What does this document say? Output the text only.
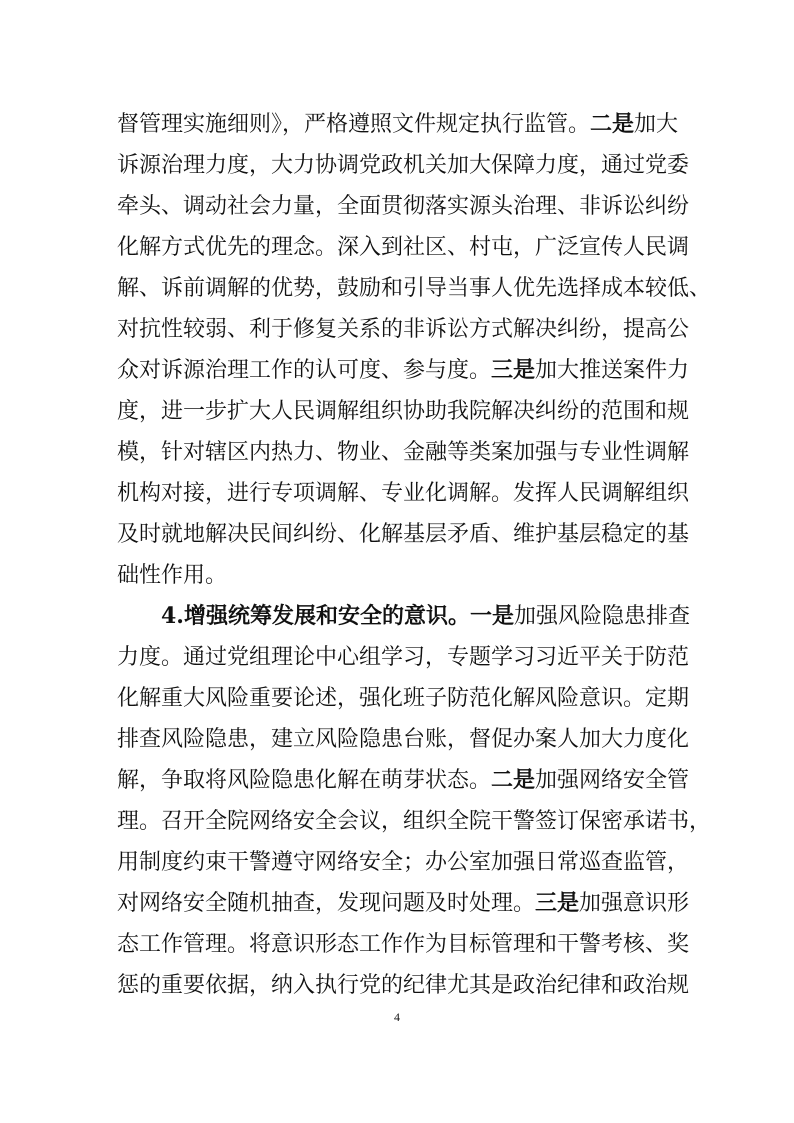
督管理实施细则》，严格遵照文件规定执行监管。二是加大
诉源治理力度，大力协调党政机关加大保障力度，通过党委
牵头、调动社会力量，全面贯彻落实源头治理、非诉讼纠纷
化解方式优先的理念。深入到社区、村屯，广泛宣传人民调
解、诉前调解的优势，鼓励和引导当事人优先选择成本较低、
对抗性较弱、利于修复关系的非诉讼方式解决纠纷，提高公
众对诉源治理工作的认可度、参与度。三是加大推送案件力
度，进一步扩大人民调解组织协助我院解决纠纷的范围和规
模，针对辖区内热力、物业、金融等类案加强与专业性调解
机构对接，进行专项调解、专业化调解。发挥人民调解组织
及时就地解决民间纠纷、化解基层矛盾、维护基层稳定的基
础性作用。
4.增强统筹发展和安全的意识。一是加强风险隐患排查
力度。通过党组理论中心组学习，专题学习习近平关于防范
化解重大风险重要论述，强化班子防范化解风险意识。定期
排查风险隐患，建立风险隐患台账，督促办案人加大力度化
解，争取将风险隐患化解在萌芽状态。二是加强网络安全管
理。召开全院网络安全会议，组织全院干警签订保密承诺书，
用制度约束干警遵守网络安全；办公室加强日常巡查监管，
对网络安全随机抽查，发现问题及时处理。三是加强意识形
态工作管理。将意识形态工作作为目标管理和干警考核、奖
惩的重要依据，纳入执行党的纪律尤其是政治纪律和政治规
4
